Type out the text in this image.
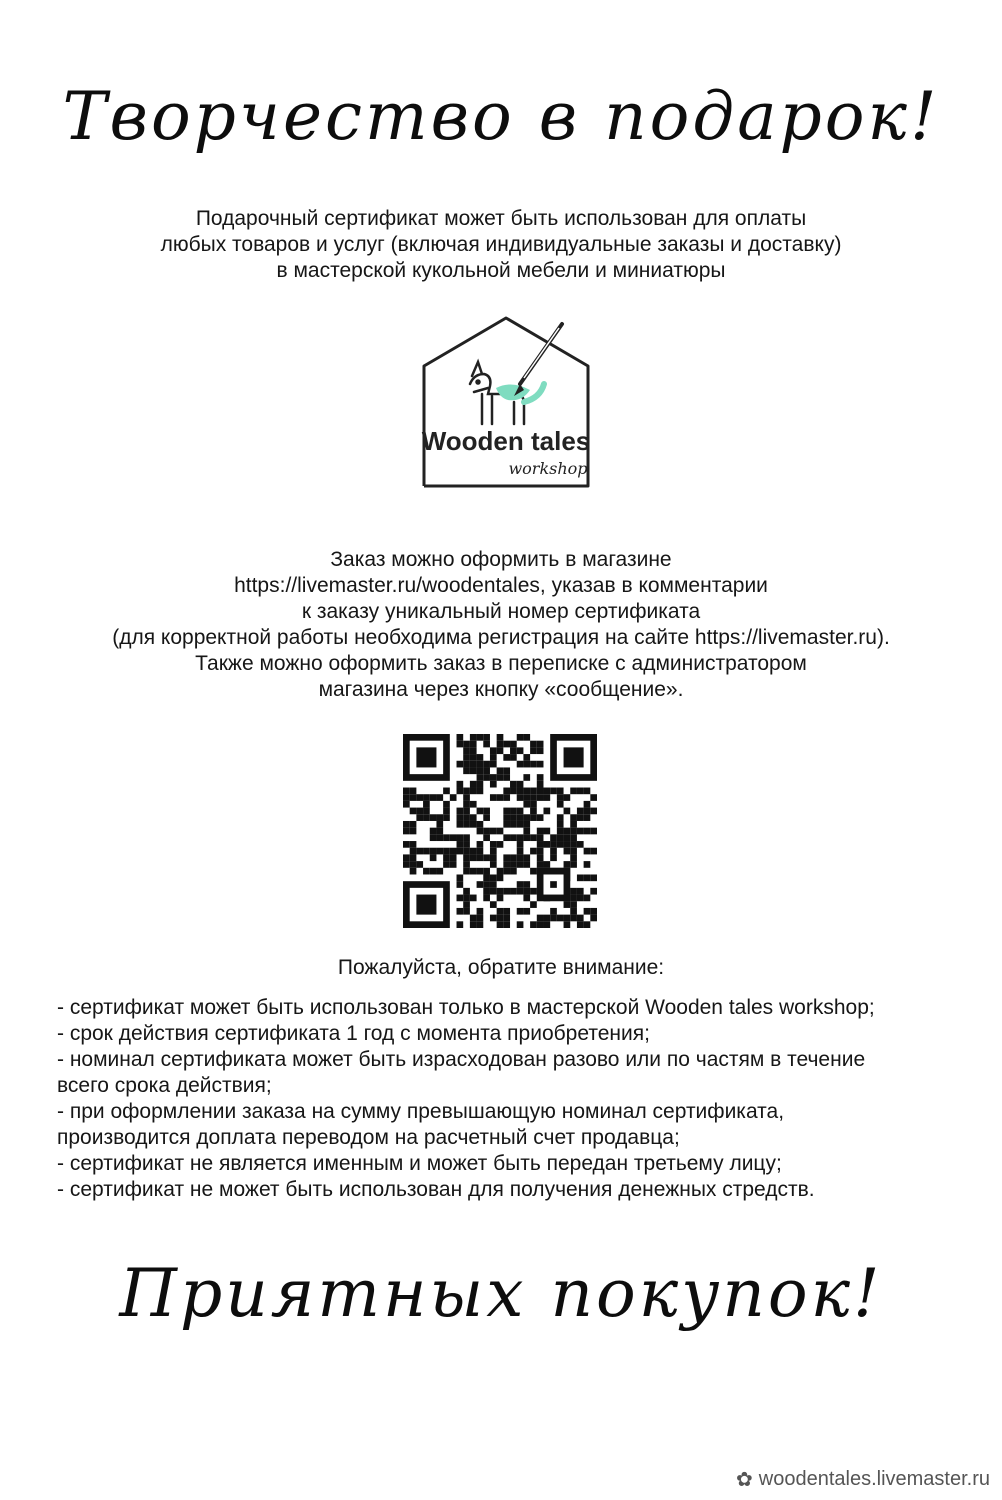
Творчество в подарок!
Подарочный сертификат может быть использован для оплаты
любых товаров и услуг (включая индивидуальные заказы и доставку)
в мастерской кукольной мебели и миниатюры
Wooden tales
workshop
Заказ можно оформить в магазине
https://livemaster.ru/woodentales, указав в комментарии
к заказу уникальный номер сертификата
(для корректной работы необходима регистрация на сайте https://livemaster.ru).
Также можно оформить заказ в переписке с администратором
магазина через кнопку «сообщение».
Пожалуйста, обратите внимание:
- сертификат может быть использован только в мастерской Wooden tales workshop;
- срок действия сертификата 1 год с момента приобретения;
- номинал сертификата может быть израсходован разово или по частям в течение
всего срока действия;
- при оформлении заказа на сумму превышающую номинал сертификата,
производится доплата переводом на расчетный счет продавца;
- сертификат не является именным и может быть передан третьему лицу;
- сертификат не может быть использован для получения денежных стредств.
Приятных покупок!
✿ woodentales.livemaster.ru
